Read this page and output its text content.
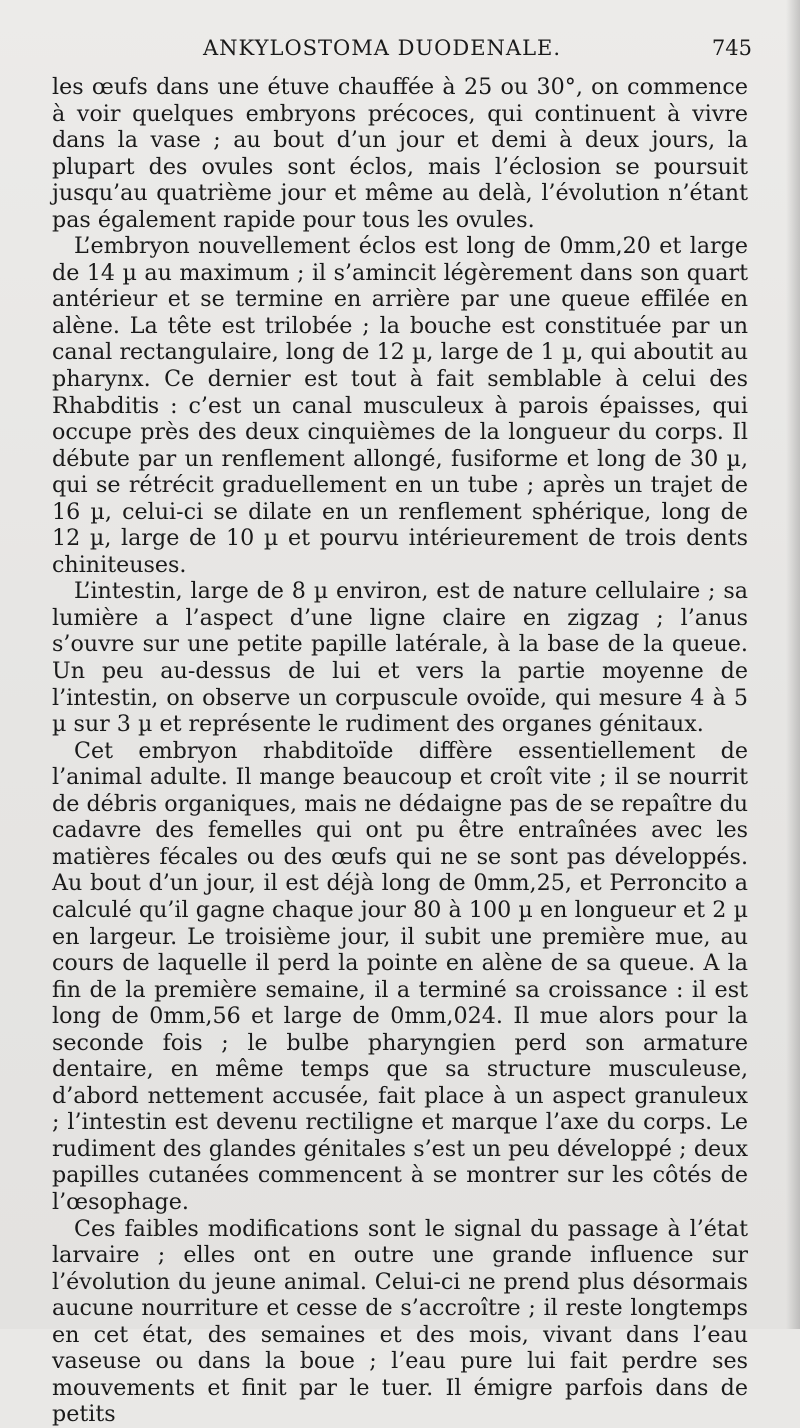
ANKYLOSTOMA DUODENALE.	745

les œufs dans une étuve chauffée à 25 ou 30°, on commence à voir quelques embryons précoces, qui continuent à vivre dans la vase ; au bout d’un jour et demi à deux jours, la plupart des ovules sont éclos, mais l’éclosion se poursuit jusqu’au quatrième jour et même au delà, l’évolution n’étant pas également rapide pour tous les ovules.

L’embryon nouvellement éclos est long de 0mm,20 et large de 14 µ au maximum ; il s’amincit légèrement dans son quart antérieur et se termine en arrière par une queue effilée en alène. La tête est trilobée ; la bouche est constituée par un canal rectangulaire, long de 12 µ, large de 1 µ, qui aboutit au pharynx. Ce dernier est tout à fait semblable à celui des Rhabditis : c’est un canal musculeux à parois épaisses, qui occupe près des deux cinquièmes de la longueur du corps. Il débute par un renflement allongé, fusiforme et long de 30 µ, qui se rétrécit graduellement en un tube ; après un trajet de 16 µ, celui-ci se dilate en un renflement sphérique, long de 12 µ, large de 10 µ et pourvu intérieurement de trois dents chiniteuses.

L’intestin, large de 8 µ environ, est de nature cellulaire ; sa lumière a l’aspect d’une ligne claire en zigzag ; l’anus s’ouvre sur une petite papille latérale, à la base de la queue. Un peu au-dessus de lui et vers la partie moyenne de l’intestin, on observe un corpuscule ovoïde, qui mesure 4 à 5 µ sur 3 µ et représente le rudiment des organes génitaux.

Cet embryon rhabditoïde diffère essentiellement de l’animal adulte. Il mange beaucoup et croît vite ; il se nourrit de débris organiques, mais ne dédaigne pas de se repaître du cadavre des femelles qui ont pu être entraînées avec les matières fécales ou des œufs qui ne se sont pas développés. Au bout d’un jour, il est déjà long de 0mm,25, et Perroncito a calculé qu’il gagne chaque jour 80 à 100 µ en longueur et 2 µ en largeur. Le troisième jour, il subit une première mue, au cours de laquelle il perd la pointe en alène de sa queue. A la fin de la première semaine, il a terminé sa croissance : il est long de 0mm,56 et large de 0mm,024. Il mue alors pour la seconde fois ; le bulbe pharyngien perd son armature dentaire, en même temps que sa structure musculeuse, d’abord nettement accusée, fait place à un aspect granuleux ; l’intestin est devenu rectiligne et marque l’axe du corps. Le rudiment des glandes génitales s’est un peu développé ; deux papilles cutanées commencent à se montrer sur les côtés de l’œsophage.

Ces faibles modifications sont le signal du passage à l’état larvaire ; elles ont en outre une grande influence sur l’évolution du jeune animal. Celui-ci ne prend plus désormais aucune nourriture et cesse de s’accroître ; il reste longtemps en cet état, des semaines et des mois, vivant dans l’eau vaseuse ou dans la boue ; l’eau pure lui fait perdre ses mouvements et finit par le tuer. Il émigre parfois dans de petits
